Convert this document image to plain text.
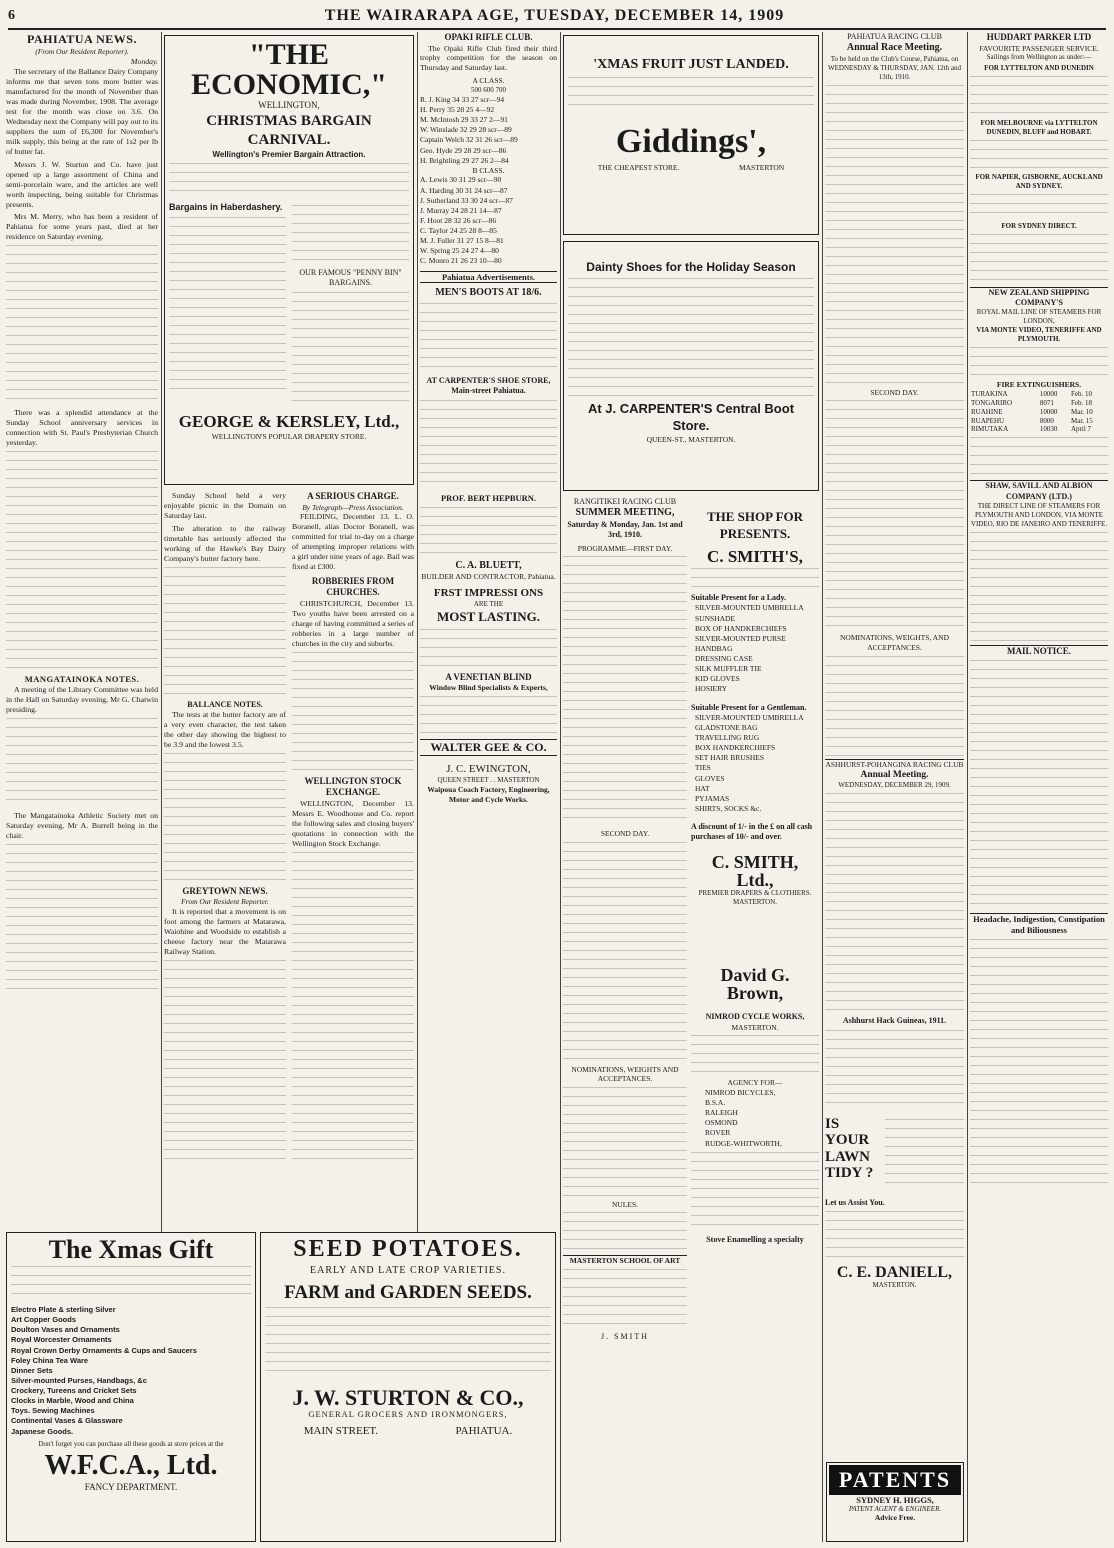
6	THE WAIRARAPA AGE, TUESDAY, DECEMBER 14, 1909
PAHIATUA NEWS.
(From Our Resident Reporter).
Monday.

The secretary of the Ballance Dairy Company informs me that seven tons more butter was manufactured for the month of November than was made during November, 1908. The average test for the month was close on 3.6. On Wednesday next the Company will pay out to its suppliers the sum of £6,300 for November's milk supply, this being at the rate of 1s2 per lb of butter fat.

Messrs J. W. Sturton and Co. have just opened up a large assortment of China and semi-porcelain ware, and the articles are well worth inspecting, being suitable for Christmas presents.

Mrs M. Merry, who has been a resident of Pahiatua for some years past, died at her residence on Saturday evening.

There was a splendid attendance at the Sunday School anniversary services in connection with St. Paul's Presbyterian Church yesterday.

MANGATAINOKA NOTES.

A meeting of the Library Committee was held in the Hall on Saturday evening, Mr G. Chatwin presiding.

The Mangatainoka Athletic Society met on Saturday evening, Mr A. Burrell being in the chair.

The Xmas Gift
Electro Plate & sterling Silver
Art Copper Goods
Doulton Vases and Ornaments
Royal Worcester Ornaments
Royal Crown Derby Ornaments & Cups and Saucers
Foley China Tea Ware
Dinner Sets
Silver-mounted Purses, Handbags, &c
Crockery, Tureens and Cricket Sets
Clocks in Marble, Wood and China
Toys. Sewing Machines
Continental Vases & Glassware
Japanese Goods.
Don't forget you can purchase all these goods at store prices at the
W.F.C.A., Ltd.
FANCY DEPARTMENT.
"THE ECONOMIC,"
WELLINGTON,
CHRISTMAS BARGAIN CARNIVAL.
Wellington's Premier Bargain Attraction.
Bargains in Haberdashery.
OUR FAMOUS "PENNY BIN" BARGAINS.
GEORGE & KERSLEY, Ltd.,
WELLINGTON'S POPULAR DRAPERY STORE.

Sunday School held a very enjoyable picnic in the Domain on Saturday last.

The alteration to the railway timetable has seriously affected the working of the Hawke's Bay Dairy Company's butter factory here.

BALLANCE NOTES.

The tests at the butter factory are of a very even character, the test taken the other day showing the highest to be 3.9 and the lowest 3.5.

GREYTOWN NEWS.
From Our Resident Reporter.

It is reported that a movement is on foot among the farmers at Matarawa, Waiohine and Woodside to establish a cheese factory near the Matarawa Railway Station.

A SERIOUS CHARGE.
By Telegraph—Press Association.

FEILDING, December 13. L. O. Boranell, alias Doctor Boranell, was committed for trial to-day on a charge of attempting improper relations with a girl under nine years of age. Bail was fixed at £300.

ROBBERIES FROM CHURCHES.

CHRISTCHURCH, December 13. Two youths have been arrested on a charge of having committed a series of robberies in a large number of churches in the city and suburbs.

WELLINGTON STOCK EXCHANGE.

WELLINGTON, December 13. Messrs E. Woodhouse and Co. report the following sales and closing buyers' quotations in connection with the Wellington Stock Exchange.

SEED POTATOES.
EARLY AND LATE CROP VARIETIES.
FARM and GARDEN SEEDS.
J. W. STURTON & CO.,
GENERAL GROCERS AND IRONMONGERS,
MAIN STREET.	PAHIATUA.
OPAKI RIFLE CLUB.

The Opaki Rifle Club fired their third trophy competition for the season on Thursday and Saturday last.

A CLASS.
500 600 700
R. J. King 34 33 27 scr—94
H. Perry 35 28 25 4—92
M. McIntosh 29 33 27 2—91
W. Winslade 32 29 28 scr—89
Captain Welch 32 31 26 scr—89
Geo. Hyde 29 28 29 scr—86
H. Brightling 29 27 26 2—84
B CLASS.
A. Lewis 30 31 29 scr—90
A. Harding 30 31 24 scr—87
J. Sutherland 33 30 24 scr—87
J. Murray 24 28 21 14—87
F. Hoot 28 32 26 scr—86
C. Taylor 24 25 28 8—85
M. J. Fuller 31 27 15 8—81
W. Spring 25 24 27 4—80
C. Monro 21 26 23 10—80
Pahiatua Advertisements.
MEN'S BOOTS AT 18/6.
AT CARPENTER'S SHOE STORE, Main-street Pahiatua.
PROF. BERT HEPBURN.
C. A. BLUETT,
BUILDER AND CONTRACTOR, Pahiatua.
FRST IMPRESSI ONS
ARE THE
MOST LASTING.
A VENETIAN BLIND
Window Blind Specialists & Experts,
WALTER GEE & CO.
J. C. EWINGTON,
QUEEN STREET . . MASTERTON
Waipoua Coach Factory, Engineering, Motor and Cycle Works.
'XMAS FRUIT JUST LANDED.
Giddings',
THE CHEAPEST STORE.	MASTERTON
Dainty Shoes for the Holiday Season
At J. CARPENTER'S Central Boot Store.
QUEEN-ST., MASTERTON.
RANGITIKEI RACING CLUB
SUMMER MEETING,
Saturday & Monday, Jan. 1st and 3rd, 1910.
PROGRAMME—FIRST DAY.
SECOND DAY.
NOMINATIONS, WEIGHTS AND ACCEPTANCES.
NULES.
MASTERTON SCHOOL OF ART
J. SMITH
THE SHOP FOR PRESENTS.
C. SMITH'S,
Suitable Present for a Lady.
SILVER-MOUNTED UMBRELLA
SUNSHADE
BOX OF HANDKERCHIEFS
SILVER-MOUNTED PURSE
HANDBAG
DRESSING CASE
SILK MUFFLER TIE
KID GLOVES
HOSIERY
Suitable Present for a Gentleman.
SILVER-MOUNTED UMBRELLA
GLADSTONE BAG
TRAVELLING RUG
BOX HANDKERCHIEFS
SET HAIR BRUSHES
TIES
GLOVES
HAT
PYJAMAS
SHIRTS, SOCKS &c.
A discount of 1/- in the £ on all cash purchases of 10/- and over.
C. SMITH, Ltd.,
PREMIER DRAPERS & CLOTHIERS. MASTERTON.
David G. Brown,
NIMROD CYCLE WORKS,
MASTERTON.
AGENCY FOR—
NIMROD BICYCLES,
B.S.A.
RALEIGH
OSMOND
ROVER
RUDGE-WHITWORTH,
Stove Enamelling a specialty
PAHIATUA RACING CLUB
Annual Race Meeting.
To be held on the Club's Course, Pahiatua, on WEDNESDAY & THURSDAY, JAN. 12th and 13th, 1910.
SECOND DAY.
NOMINATIONS, WEIGHTS, AND ACCEPTANCES.
ASHHURST-POHANGINA RACING CLUB
Annual Meeting.
WEDNESDAY, DECEMBER 29, 1909.
Ashhurst Hack Guineas, 1911.
IS
YOUR
LAWN
TIDY ?
Let us Assist You.
C. E. DANIELL,
MASTERTON.
HUDDART PARKER LTD
FAVOURITE PASSENGER SERVICE.
Sailings from Wellington as under:—
FOR LYTTELTON AND DUNEDIN
FOR MELBOURNE via LYTTELTON DUNEDIN, BLUFF and HOBART.
FOR NAPIER, GISBORNE, AUCKLAND AND SYDNEY.
FOR SYDNEY DIRECT.
NEW ZEALAND SHIPPING COMPANY'S
ROYAL MAIL LINE OF STEAMERS FOR LONDON,
VIA MONTE VIDEO, TENERIFFE AND PLYMOUTH.
FIRE EXTINGUISHERS.
TURAKINA	10000	Feb. 10
TONGARIRO	8071	Feb. 18
RUAHINE	10000	Mar. 10
RUAPEHU	8000	Mar. 15
RIMUTAKA	10030	April 7
SHAW, SAVILL AND ALBION COMPANY (LTD.)
THE DIRECT LINE OF STEAMERS FOR PLYMOUTH AND LONDON, VIA MONTE VIDEO, RIO DE JANEIRO AND TENERIFFE.
MAIL NOTICE.
Headache, Indigestion, Constipation and Biliousness
PATENTS
SYDNEY H. HIGGS,
PATENT AGENT & ENGINEER.
Advice Free.
